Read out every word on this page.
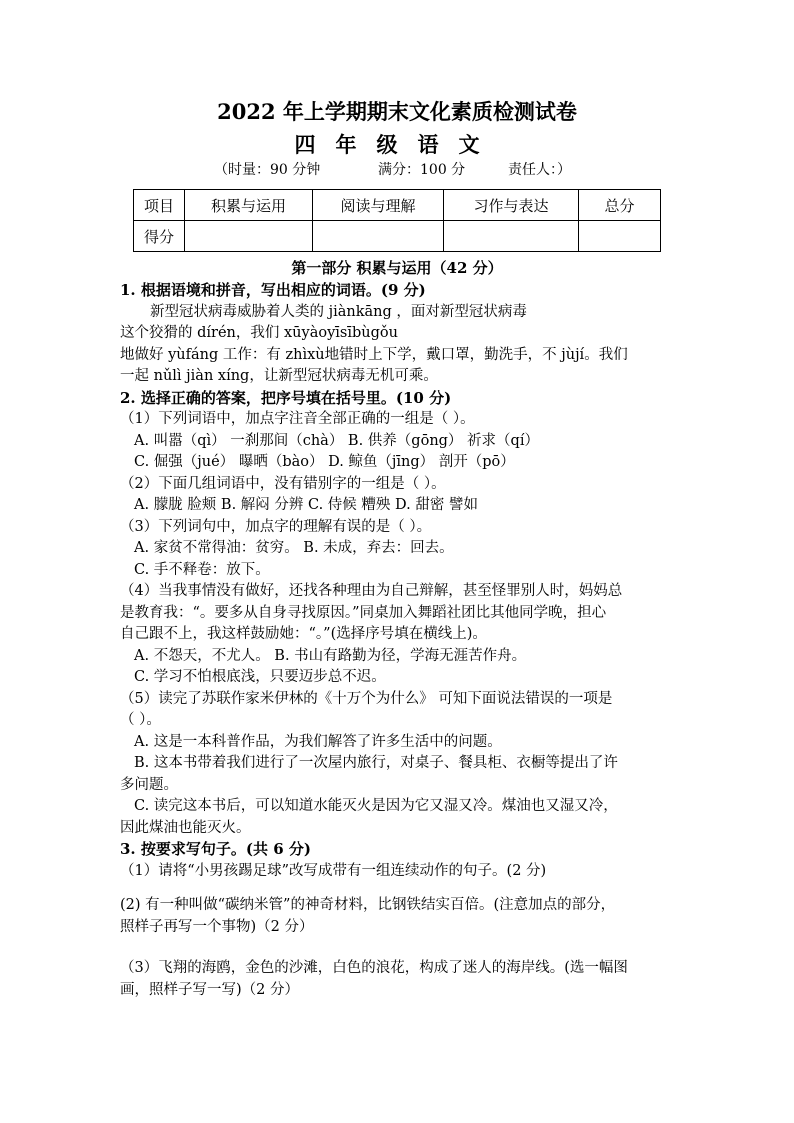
2022 年上学期期末文化素质检测试卷
四年级语文
（时量：90 分钟	满分：100 分	责任人：）
项目	积累与运用	阅读与理解	习作与表达	总分
得分				
第一部分 积累与运用（42 分）
1. 根据语境和拼音，写出相应的词语。(9 分)
新型冠状病毒威胁着人类的 jiànkāng ，面对新型冠状病毒
这个狡猾的 dírén，我们 xūyàoyīsībùgǒu
地做好 yùfáng 工作：有 zhìxù地错时上下学，戴口罩，勤洗手，不 jùjí。我们
一起 nǔlì jiàn xíng，让新型冠状病毒无机可乘。
2. 选择正确的答案，把序号填在括号里。(10 分)
（1）下列词语中，加点字注音全部正确的一组是（ ）。
A. 叫嚣（qì） 一刹那间（chà） B. 供养（gōng） 祈求（qí）
C. 倔强（jué） 曝晒（bào） D. 鲸鱼（jīng） 剖开（pō）
（2）下面几组词语中，没有错别字的一组是（ ）。
A. 朦胧 脸颊 B. 解闷 分辨 C. 侍候 糟殃 D. 甜密 譬如
（3）下列词句中，加点字的理解有误的是（ ）。
A. 家贫不常得油：贫穷。 B. 未成，弃去：回去。
C. 手不释卷：放下。
（4）当我事情没有做好，还找各种理由为自己辩解，甚至怪罪别人时，妈妈总
是教育我：“。要多从自身寻找原因。”同桌加入舞蹈社团比其他同学晚，担心
自己跟不上，我这样鼓励她：“。”(选择序号填在横线上)。
A. 不怨天，不尤人。 B. 书山有路勤为径，学海无涯苦作舟。
C. 学习不怕根底浅，只要迈步总不迟。
（5）读完了苏联作家米伊林的《十万个为什么》 可知下面说法错误的一项是
（ ）。
A. 这是一本科普作品，为我们解答了许多生活中的问题。
B. 这本书带着我们进行了一次屋内旅行，对桌子、餐具柜、衣橱等提出了许
多问题。
C. 读完这本书后，可以知道水能灭火是因为它又湿又冷。煤油也又湿又冷，
因此煤油也能灭火。
3. 按要求写句子。(共 6 分)
（1）请将“小男孩踢足球”改写成带有一组连续动作的句子。(2 分)
(2) 有一种叫做“碳纳米管”的神奇材料，比钢铁结实百倍。(注意加点的部分，
照样子再写一个事物)（2 分）
（3）飞翔的海鸥，金色的沙滩，白色的浪花，构成了迷人的海岸线。(选一幅图
画，照样子写一写)（2 分）
